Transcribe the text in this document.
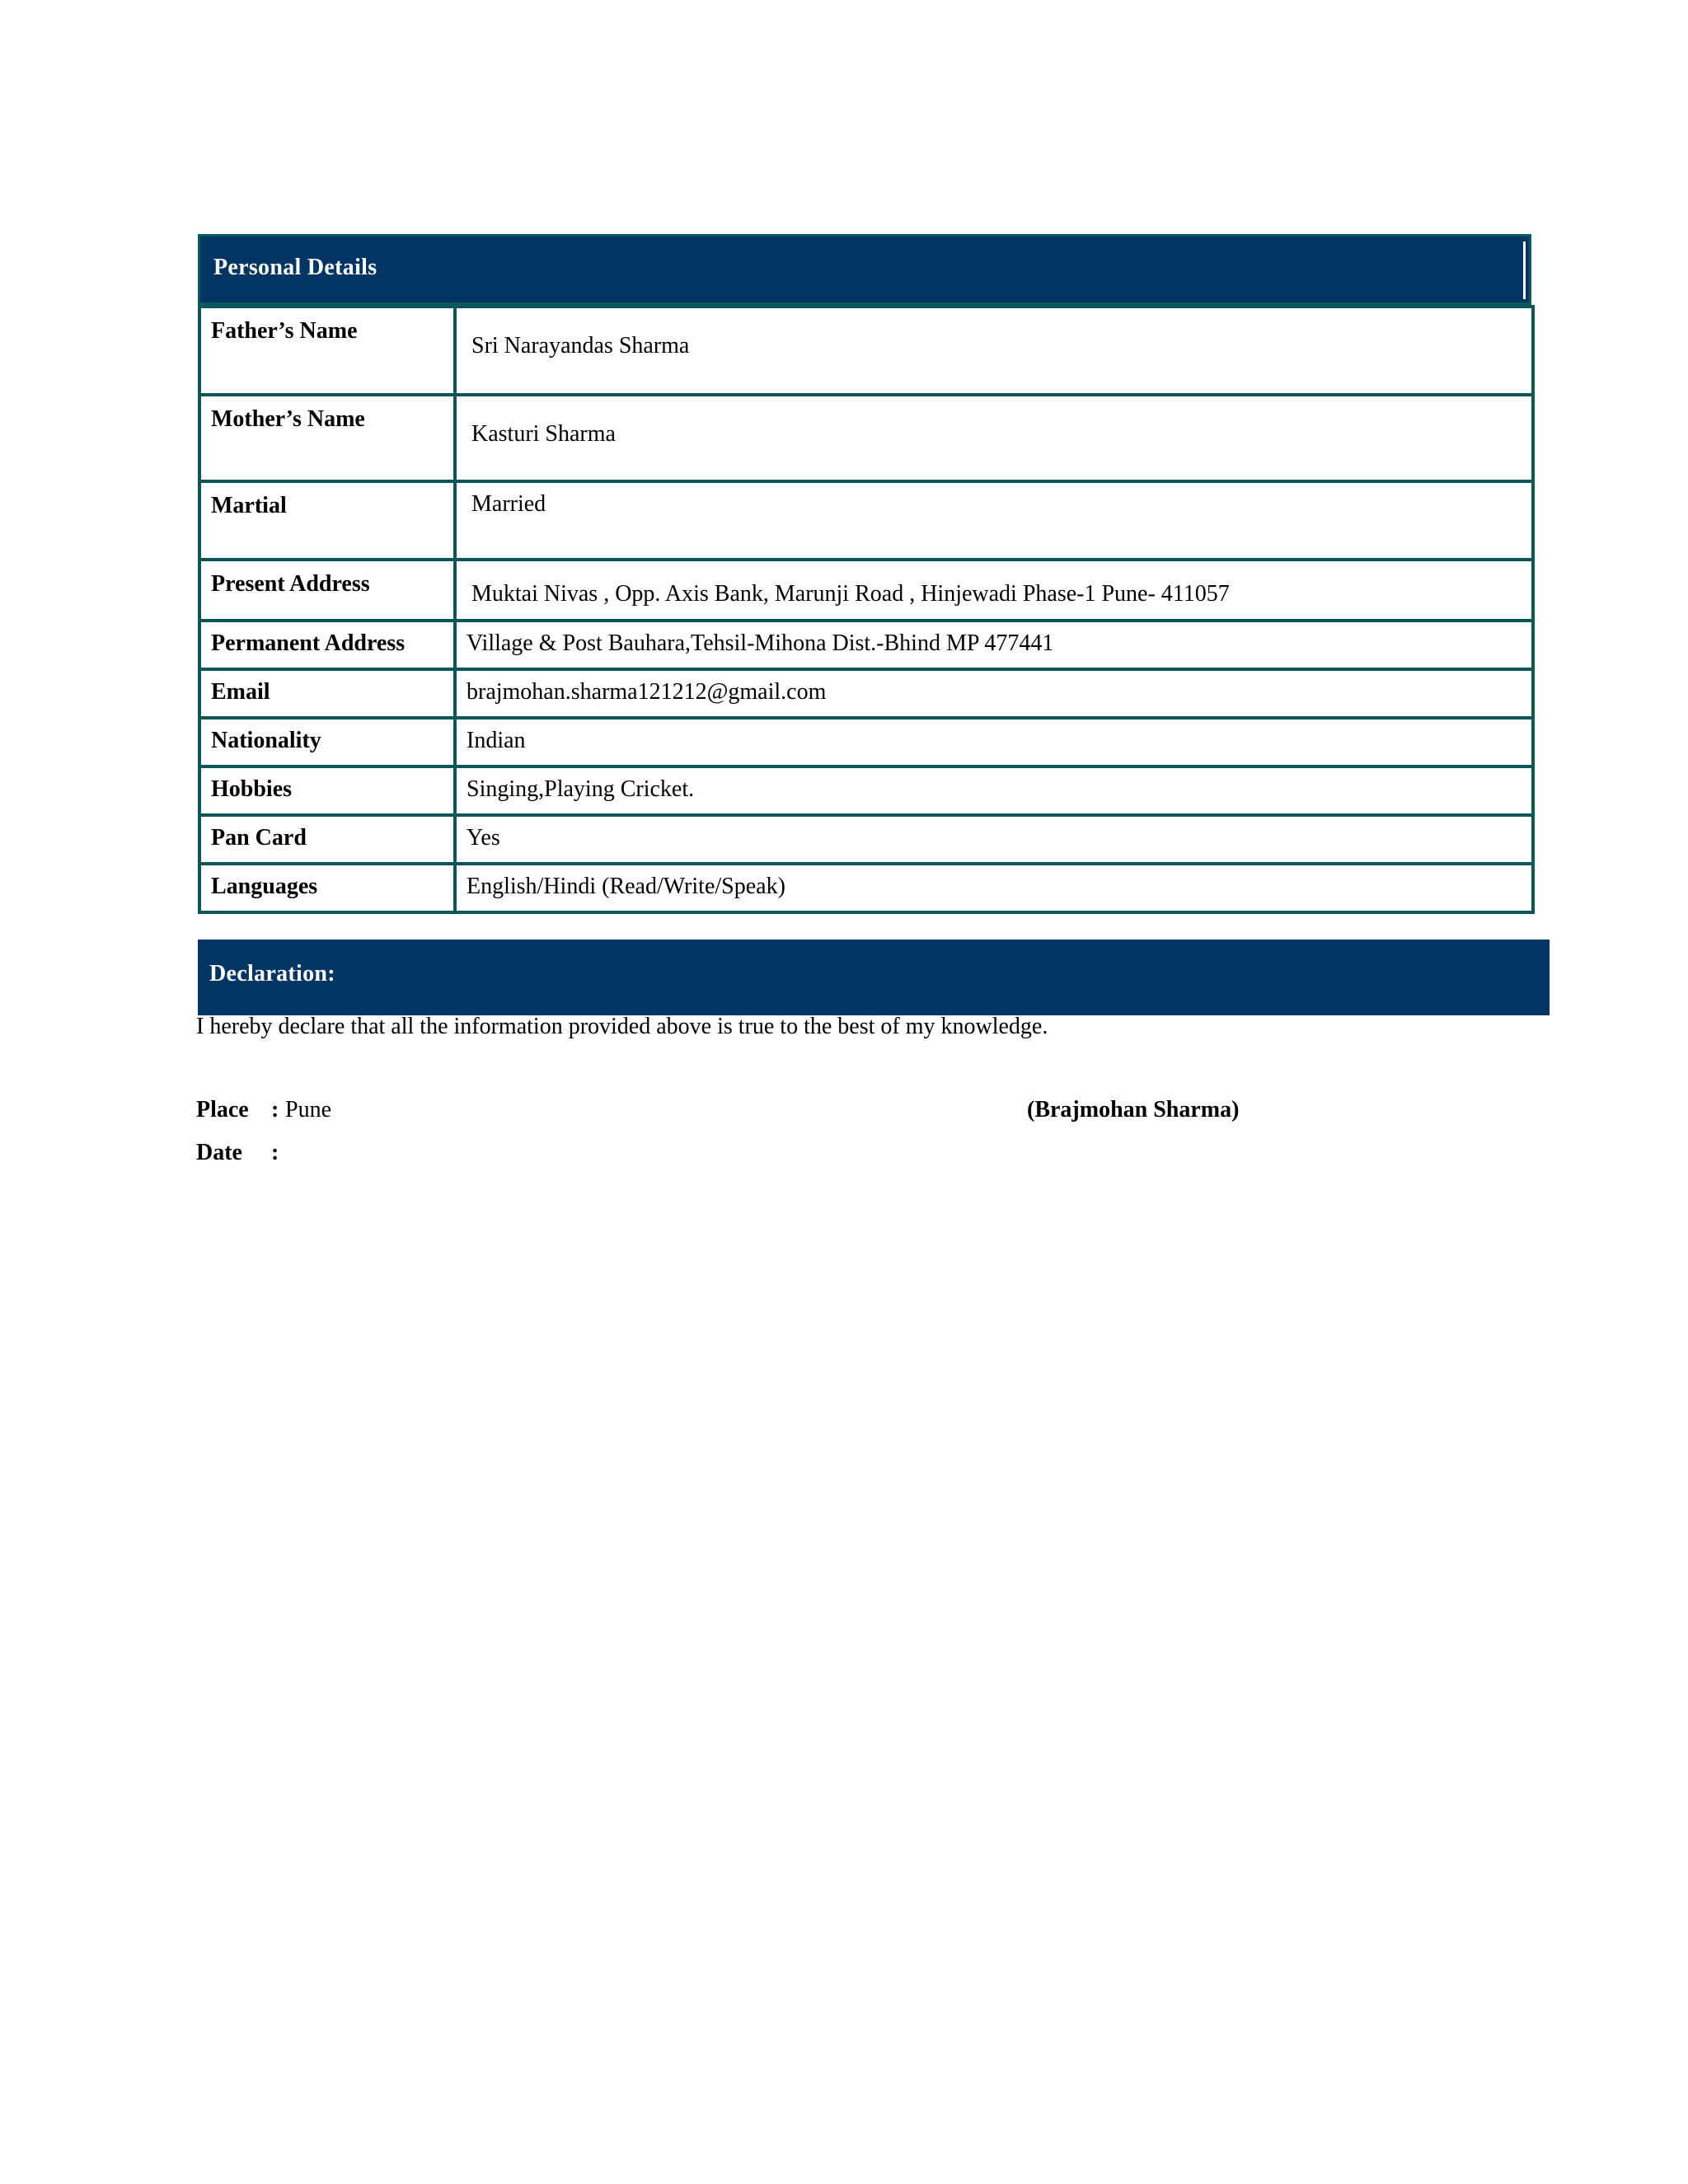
Personal Details
Father’s Name	Sri Narayandas Sharma

Mother’s Name	Kasturi Sharma

Martial	Married

Present Address	Muktai Nivas , Opp. Axis Bank, Marunji Road , Hinjewadi Phase-1 Pune- 411057

Permanent Address	Village & Post Bauhara,Tehsil-Mihona Dist.-Bhind MP 477441

Email	brajmohan.sharma121212@gmail.com

Nationality	Indian

Hobbies	Singing,Playing Cricket.

Pan Card	Yes

Languages	English/Hindi (Read/Write/Speak)
Declaration:
I hereby declare that all the information provided above is true to the best of my knowledge.
Place : Pune
Date :
(Brajmohan Sharma)
